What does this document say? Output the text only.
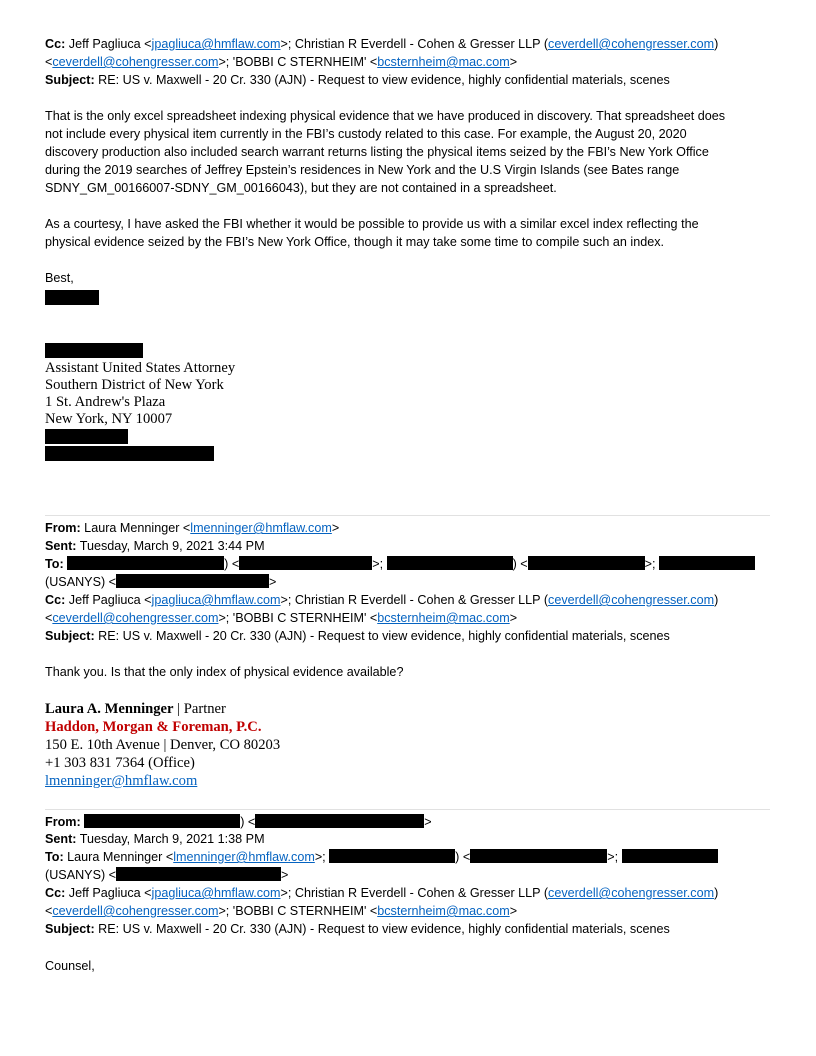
Cc: Jeff Pagliuca <jpagliuca@hmflaw.com>; Christian R Everdell - Cohen & Gresser LLP (ceverdell@cohengresser.com)
<ceverdell@cohengresser.com>; 'BOBBI C STERNHEIM' <bcsternheim@mac.com>
Subject: RE: US v. Maxwell - 20 Cr. 330 (AJN) - Request to view evidence, highly confidential materials, scenes
That is the only excel spreadsheet indexing physical evidence that we have produced in discovery. That spreadsheet does
not include every physical item currently in the FBI’s custody related to this case. For example, the August 20, 2020
discovery production also included search warrant returns listing the physical items seized by the FBI’s New York Office
during the 2019 searches of Jeffrey Epstein’s residences in New York and the U.S Virgin Islands (see Bates range
SDNY_GM_00166007-SDNY_GM_00166043), but they are not contained in a spreadsheet.
As a courtesy, I have asked the FBI whether it would be possible to provide us with a similar excel index reflecting the
physical evidence seized by the FBI’s New York Office, though it may take some time to compile such an index.
Best,
Assistant United States Attorney
Southern District of New York
1 St. Andrew's Plaza
New York, NY 10007
From: Laura Menninger <lmenninger@hmflaw.com>
Sent: Tuesday, March 9, 2021 3:44 PM
To:	) <	>;	) <	>;
(USANYS) <	>
Cc: Jeff Pagliuca <jpagliuca@hmflaw.com>; Christian R Everdell - Cohen & Gresser LLP (ceverdell@cohengresser.com)
<ceverdell@cohengresser.com>; 'BOBBI C STERNHEIM' <bcsternheim@mac.com>
Subject: RE: US v. Maxwell - 20 Cr. 330 (AJN) - Request to view evidence, highly confidential materials, scenes
Thank you. Is that the only index of physical evidence available?
Laura A. Menninger | Partner
Haddon, Morgan & Foreman, P.C.
150 E. 10th Avenue | Denver, CO 80203
+1 303 831 7364 (Office)
lmenninger@hmflaw.com
From:	) <	>
Sent: Tuesday, March 9, 2021 1:38 PM
To: Laura Menninger <lmenninger@hmflaw.com>;	) <	>;
(USANYS) <	>
Cc: Jeff Pagliuca <jpagliuca@hmflaw.com>; Christian R Everdell - Cohen & Gresser LLP (ceverdell@cohengresser.com)
<ceverdell@cohengresser.com>; 'BOBBI C STERNHEIM' <bcsternheim@mac.com>
Subject: RE: US v. Maxwell - 20 Cr. 330 (AJN) - Request to view evidence, highly confidential materials, scenes
Counsel,
